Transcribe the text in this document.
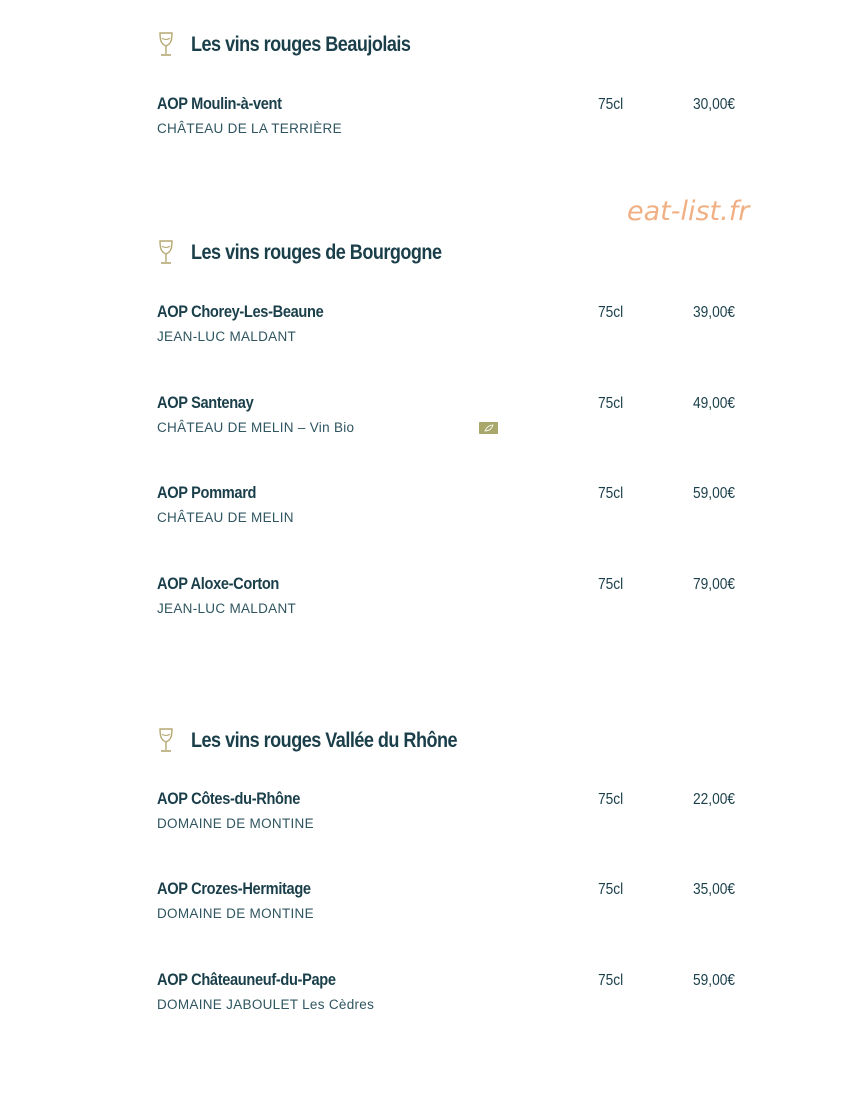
Les vins rouges Beaujolais
AOP Moulin-à-vent
CHÂTEAU DE LA TERRIÈRE
75cl	30,00€
eat-list.fr
Les vins rouges de Bourgogne
AOP Chorey-Les-Beaune
JEAN-LUC MALDANT
75cl	39,00€
AOP Santenay
CHÂTEAU DE MELIN – Vin Bio
75cl	49,00€
AOP Pommard
CHÂTEAU DE MELIN
75cl	59,00€
AOP Aloxe-Corton
JEAN-LUC MALDANT
75cl	79,00€
Les vins rouges Vallée du Rhône
AOP Côtes-du-Rhône
DOMAINE DE MONTINE
75cl	22,00€
AOP Crozes-Hermitage
DOMAINE DE MONTINE
75cl	35,00€
AOP Châteauneuf-du-Pape
DOMAINE JABOULET Les Cèdres
75cl	59,00€
